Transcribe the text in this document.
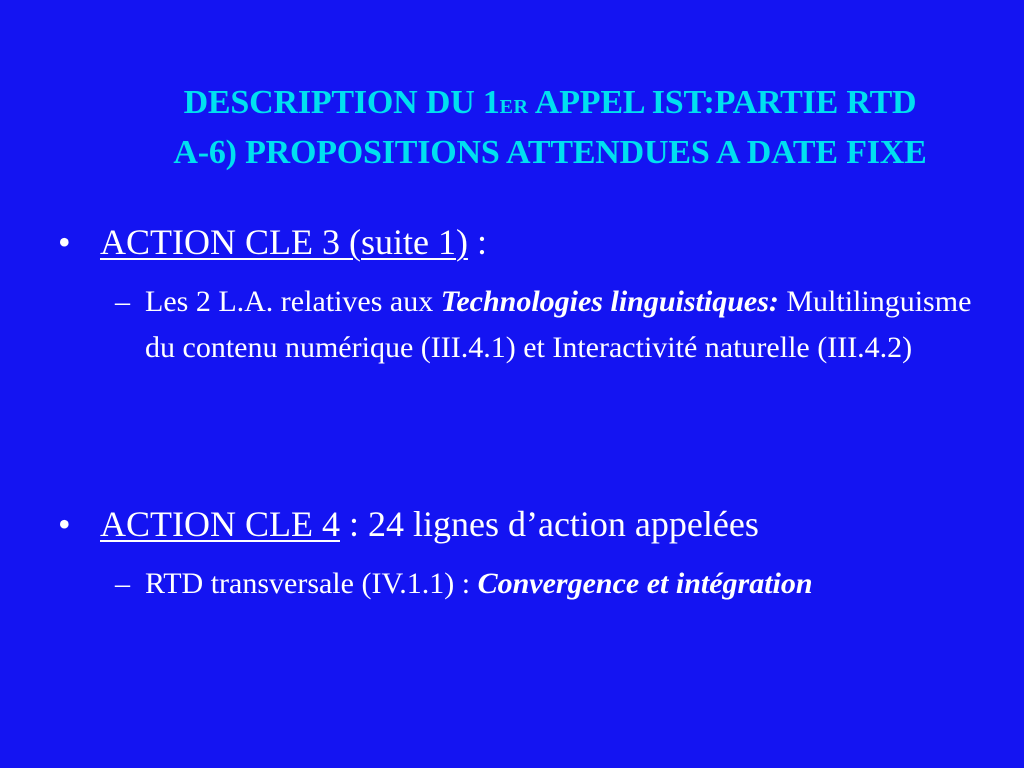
DESCRIPTION DU 1ER APPEL IST:PARTIE RTD
A-6) PROPOSITIONS ATTENDUES A DATE FIXE
• ACTION CLE 3 (suite 1) :
– Les 2 L.A. relatives aux Technologies linguistiques: Multilinguisme du contenu numérique (III.4.1) et Interactivité naturelle (III.4.2)
• ACTION CLE 4 : 24 lignes d’action appelées
– RTD transversale (IV.1.1) : Convergence et intégration
